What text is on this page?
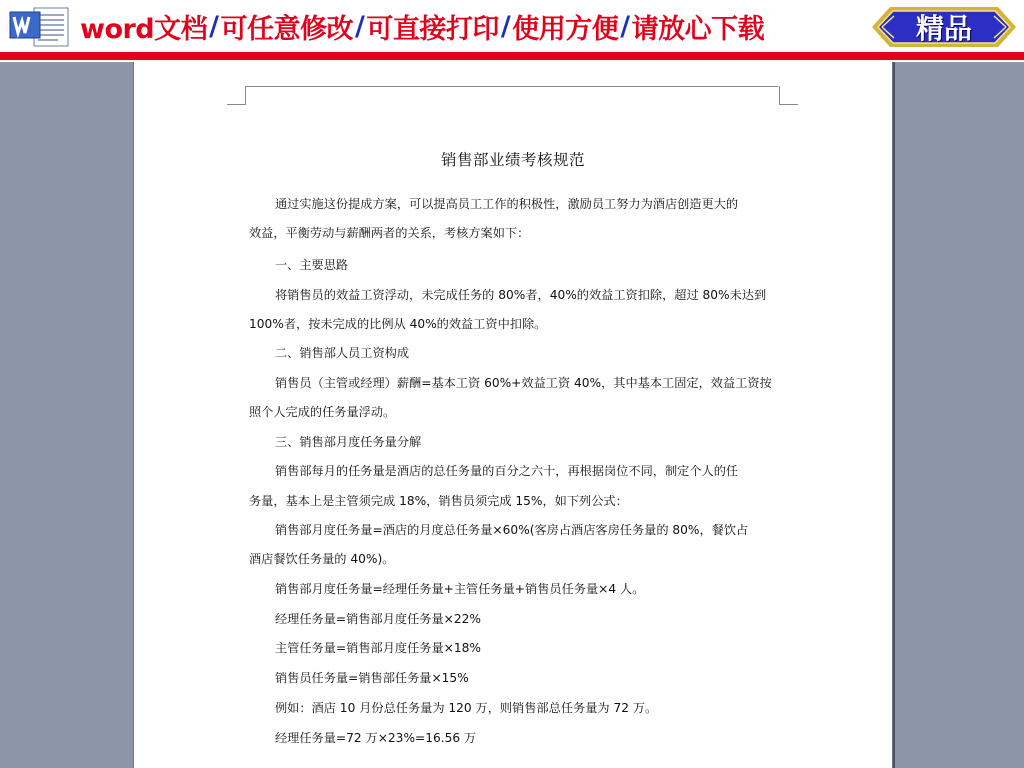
word文档 / 可任意修改 / 可直接打印 / 使用方便 / 请放心下载	精品
销售部业绩考核规范
通过实施这份提成方案，可以提高员工工作的积极性，激励员工努力为酒店创造更大的
效益，平衡劳动与薪酬两者的关系，考核方案如下：
一、主要思路
将销售员的效益工资浮动，未完成任务的 80%者，40%的效益工资扣除，超过 80%未达到
100%者，按未完成的比例从 40%的效益工资中扣除。
二、销售部人员工资构成
销售员（主管或经理）薪酬=基本工资 60%+效益工资 40%，其中基本工固定，效益工资按
照个人完成的任务量浮动。
三、销售部月度任务量分解
销售部每月的任务量是酒店的总任务量的百分之六十，再根据岗位不同，制定个人的任
务量，基本上是主管须完成 18%，销售员须完成 15%，如下列公式：
销售部月度任务量=酒店的月度总任务量×60%(客房占酒店客房任务量的 80%，餐饮占
酒店餐饮任务量的 40%)。
销售部月度任务量=经理任务量+主管任务量+销售员任务量×4 人。
经理任务量=销售部月度任务量×22%
主管任务量=销售部月度任务量×18%
销售员任务量=销售部任务量×15%
例如：酒店 10 月份总任务量为 120 万，则销售部总任务量为 72 万。
经理任务量=72 万×23%=16.56 万
